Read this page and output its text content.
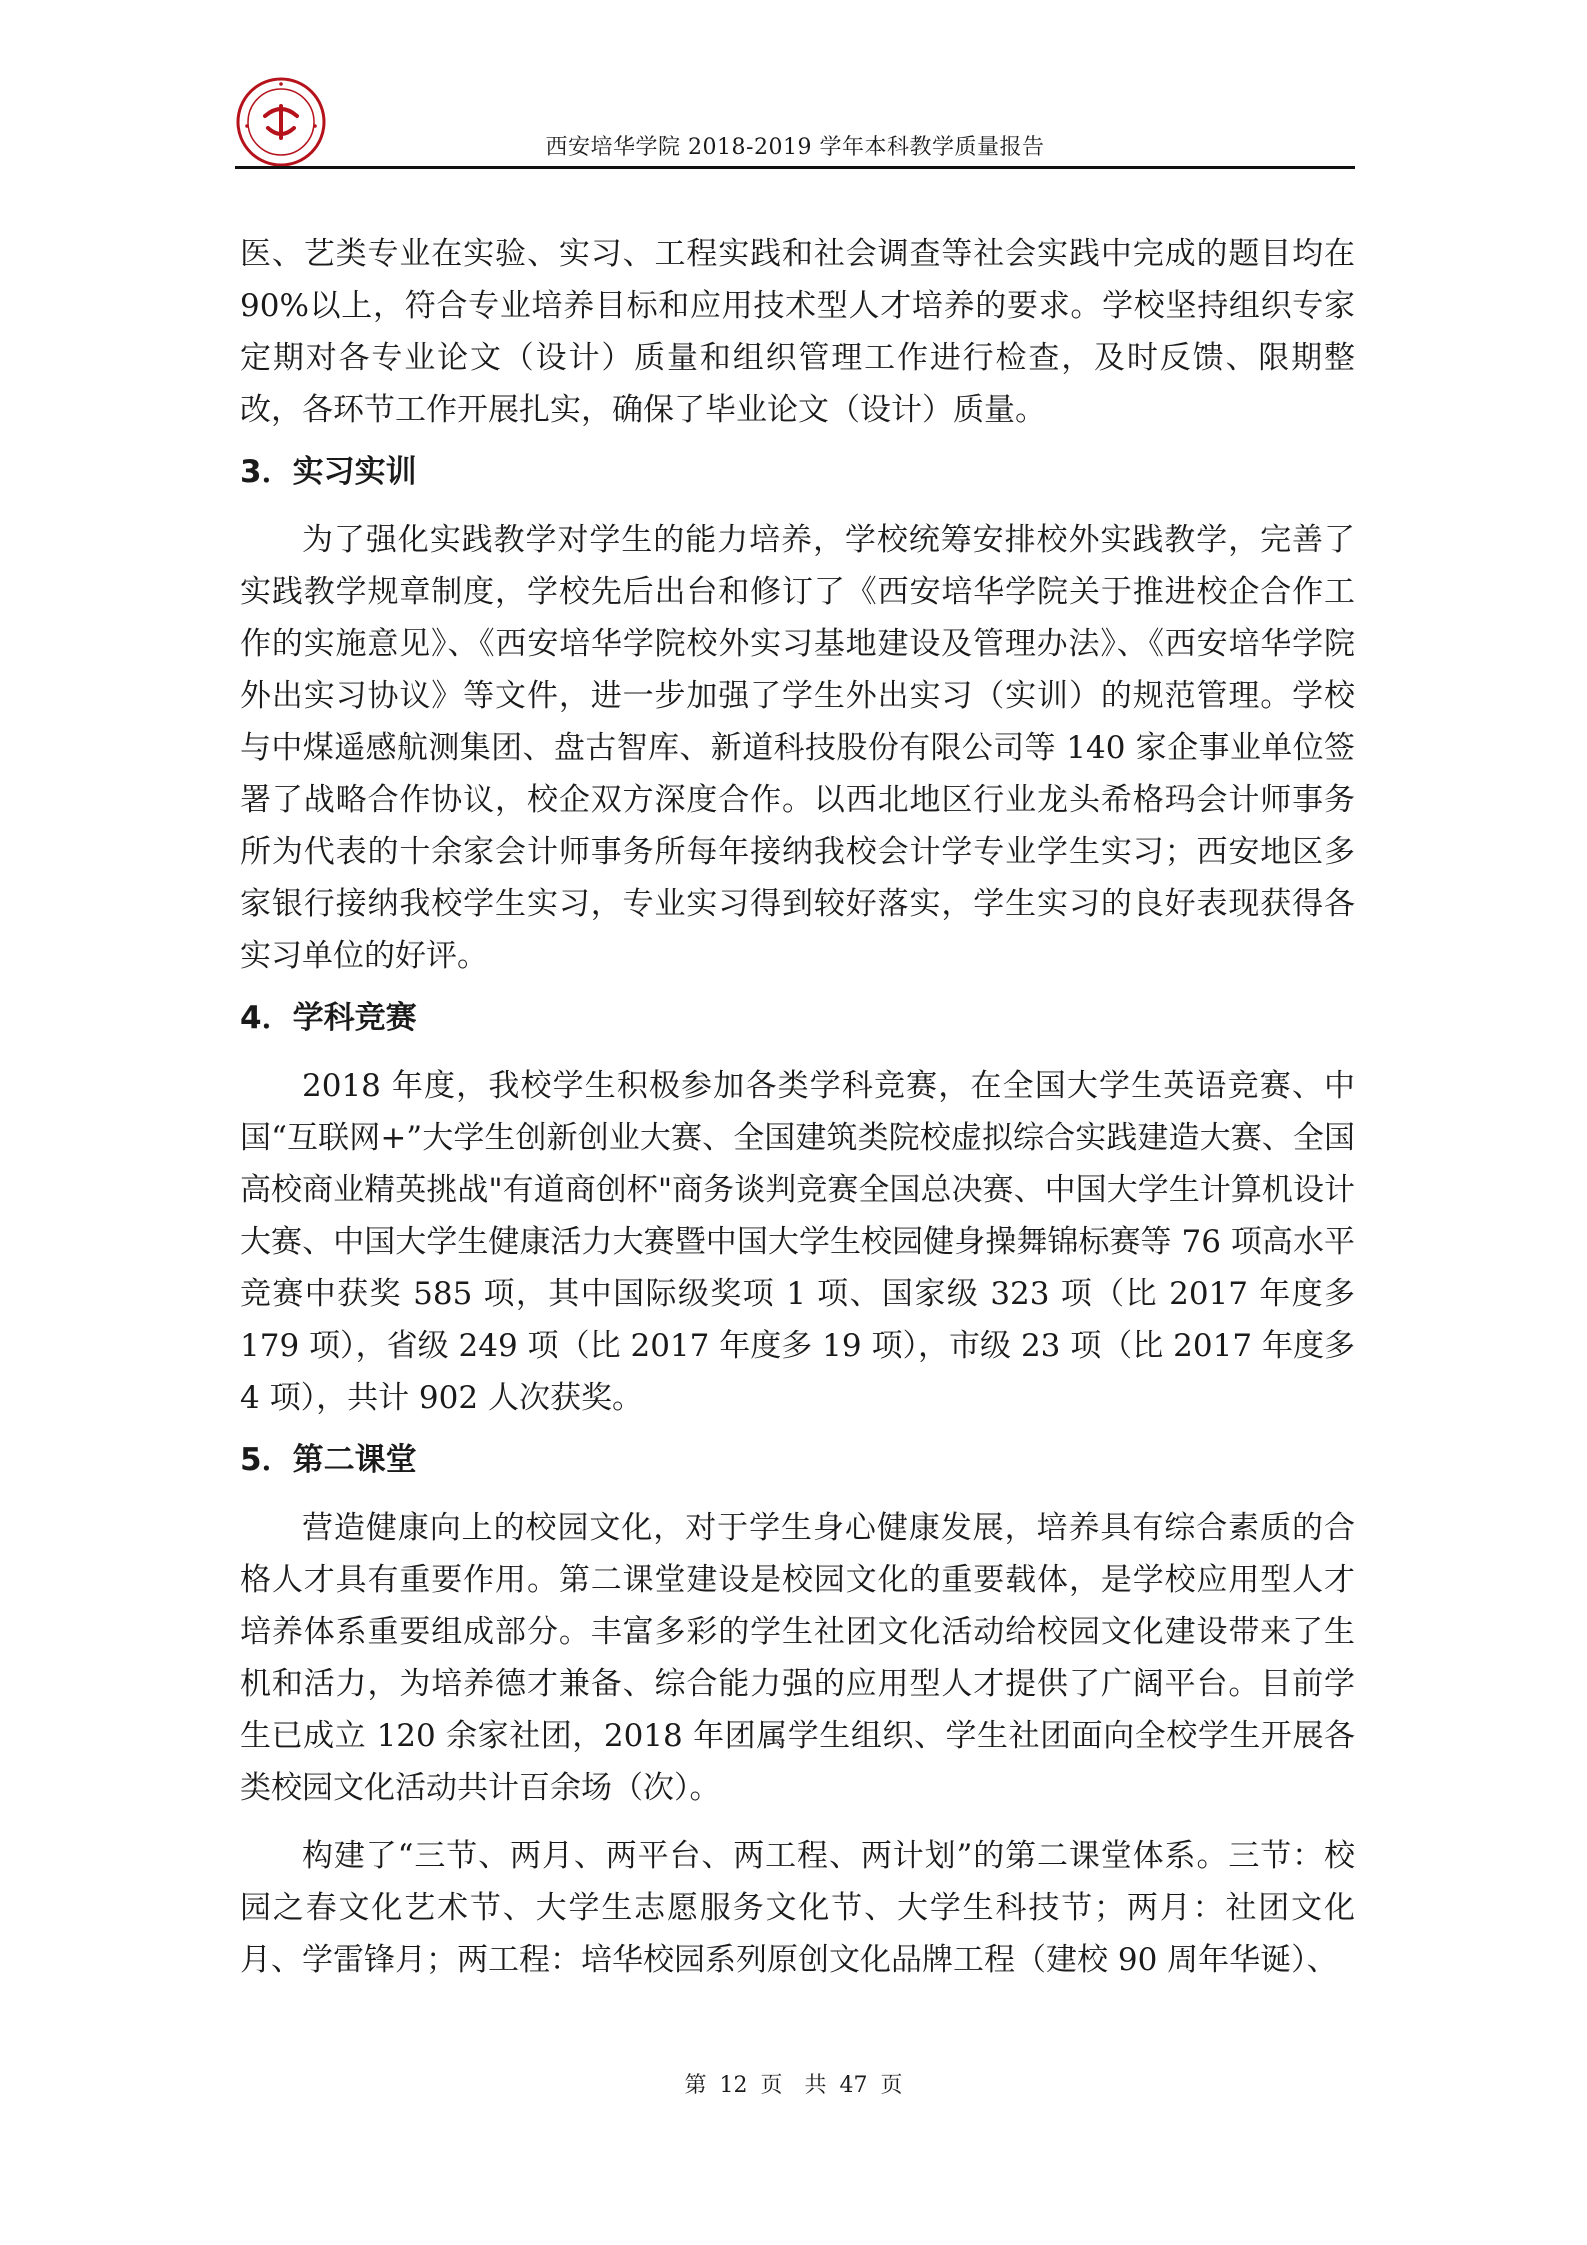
西安培华学院 2018-2019 学年本科教学质量报告

医、艺类专业在实验、实习、工程实践和社会调查等社会实践中完成的题目均在90%以上，符合专业培养目标和应用技术型人才培养的要求。学校坚持组织专家定期对各专业论文（设计）质量和组织管理工作进行检查，及时反馈、限期整改，各环节工作开展扎实，确保了毕业论文（设计）质量。

3．实习实训

为了强化实践教学对学生的能力培养，学校统筹安排校外实践教学，完善了实践教学规章制度，学校先后出台和修订了《西安培华学院关于推进校企合作工作的实施意见》、《西安培华学院校外实习基地建设及管理办法》、《西安培华学院外出实习协议》等文件，进一步加强了学生外出实习（实训）的规范管理。学校与中煤遥感航测集团、盘古智库、新道科技股份有限公司等 140 家企事业单位签署了战略合作协议，校企双方深度合作。以西北地区行业龙头希格玛会计师事务所为代表的十余家会计师事务所每年接纳我校会计学专业学生实习；西安地区多家银行接纳我校学生实习，专业实习得到较好落实，学生实习的良好表现获得各实习单位的好评。

4．学科竞赛

2018 年度，我校学生积极参加各类学科竞赛，在全国大学生英语竞赛、中国“互联网+”大学生创新创业大赛、全国建筑类院校虚拟综合实践建造大赛、全国高校商业精英挑战"有道商创杯"商务谈判竞赛全国总决赛、中国大学生计算机设计大赛、中国大学生健康活力大赛暨中国大学生校园健身操舞锦标赛等 76 项高水平竞赛中获奖 585 项，其中国际级奖项 1 项、国家级 323 项（比 2017 年度多 179 项），省级 249 项（比 2017 年度多 19 项），市级 23 项（比 2017 年度多 4 项），共计 902 人次获奖。

5．第二课堂

营造健康向上的校园文化，对于学生身心健康发展，培养具有综合素质的合格人才具有重要作用。第二课堂建设是校园文化的重要载体，是学校应用型人才培养体系重要组成部分。丰富多彩的学生社团文化活动给校园文化建设带来了生机和活力，为培养德才兼备、综合能力强的应用型人才提供了广阔平台。目前学生已成立 120 余家社团，2018 年团属学生组织、学生社团面向全校学生开展各类校园文化活动共计百余场（次）。

构建了“三节、两月、两平台、两工程、两计划”的第二课堂体系。三节：校园之春文化艺术节、大学生志愿服务文化节、大学生科技节；两月：社团文化月、学雷锋月；两工程：培华校园系列原创文化品牌工程（建校 90 周年华诞）、

第 12 页　共 47 页
